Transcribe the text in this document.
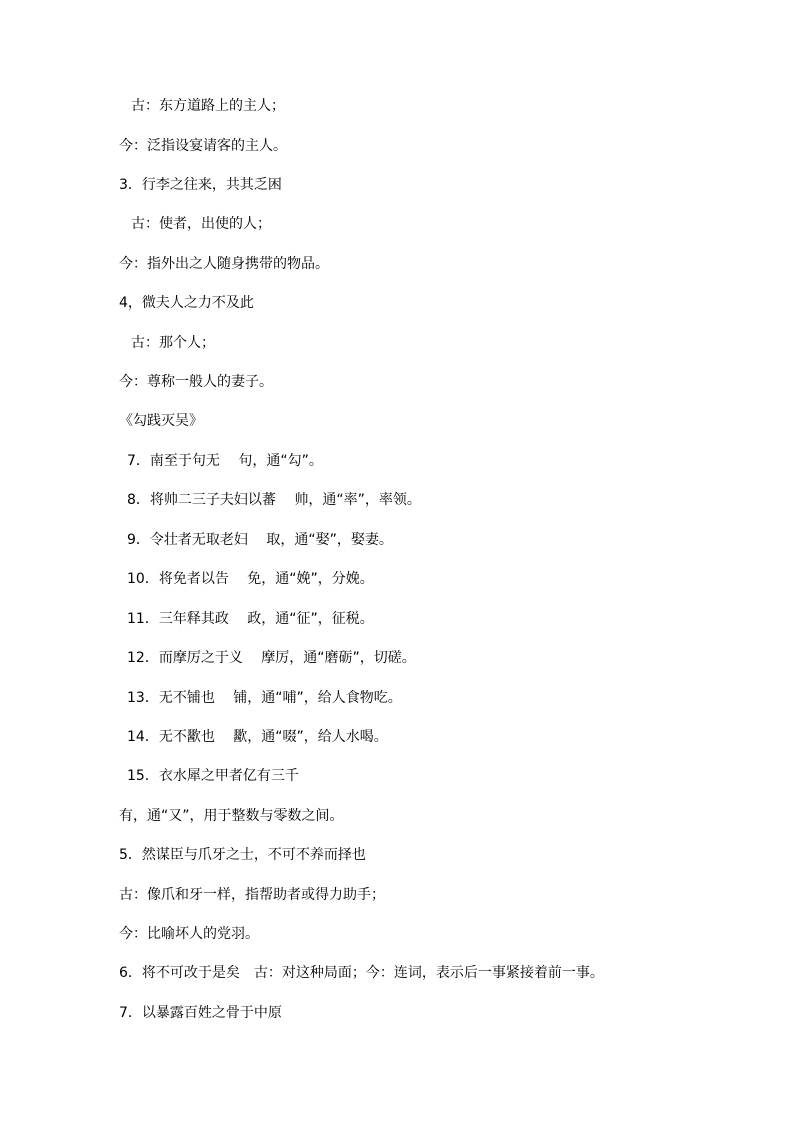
古：东方道路上的主人；
今：泛指设宴请客的主人。
3．行李之往来，共其乏困
古：使者，出使的人；
今：指外出之人随身携带的物品。
4，微夫人之力不及此
古：那个人；
今：尊称一般人的妻子。
《勾践灭吴》
7．南至于句无　 句，通“勾”。
8．将帅二三子夫妇以蕃　 帅，通“率”，率领。
9．令壮者无取老妇　 取，通“娶”，娶妻。
10．将免者以告　 免，通“娩”，分娩。
11．三年释其政　 政，通“征”，征税。
12．而摩厉之于义　 摩厉，通“磨砺”，切磋。
13．无不铺也　 铺，通“哺”，给人食物吃。
14．无不歠也　 歠，通“啜”，给人水喝。
15．衣水犀之甲者亿有三千
有，通“又”，用于整数与零数之间。
5．然谋臣与爪牙之士，不可不养而择也
古：像爪和牙一样，指帮助者或得力助手；
今：比喻坏人的党羽。
6．将不可改于是矣　古：对这种局面；今：连词，表示后一事紧接着前一事。
7．以暴露百姓之骨于中原
